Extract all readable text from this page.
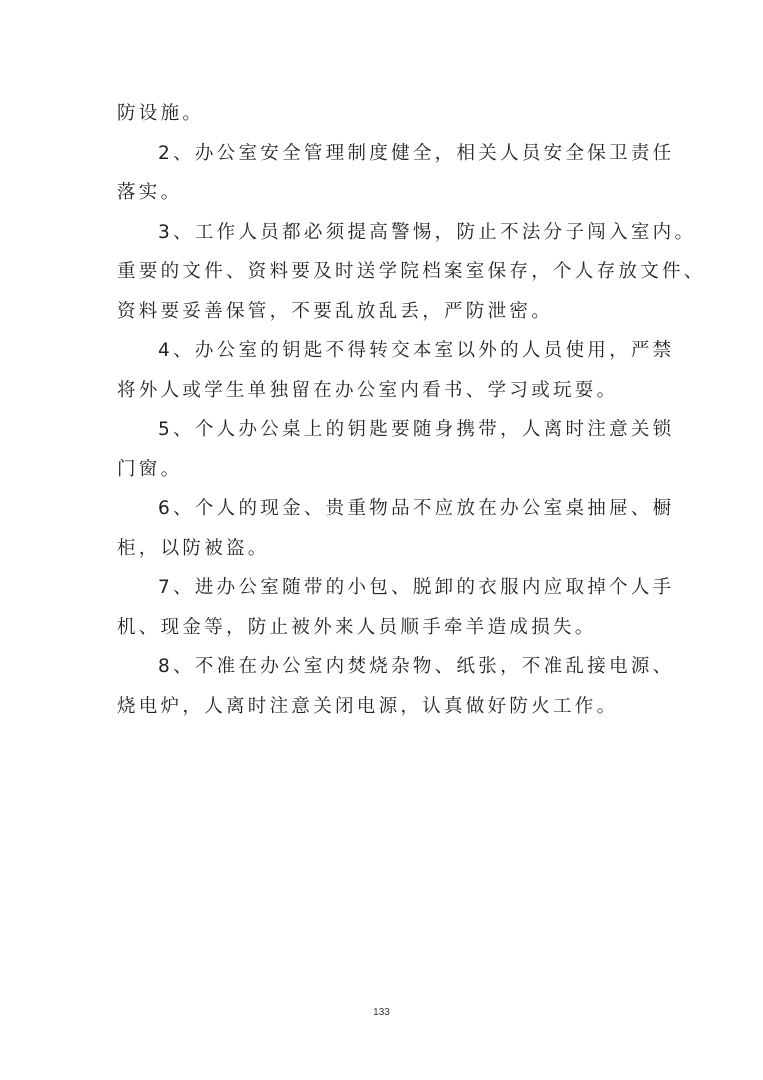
防设施。

2、办公室安全管理制度健全，相关人员安全保卫责任

落实。

3、工作人员都必须提高警惕，防止不法分子闯入室内。

重要的文件、资料要及时送学院档案室保存，个人存放文件、

资料要妥善保管，不要乱放乱丢，严防泄密。

4、办公室的钥匙不得转交本室以外的人员使用，严禁

将外人或学生单独留在办公室内看书、学习或玩耍。

5、个人办公桌上的钥匙要随身携带，人离时注意关锁

门窗。

6、个人的现金、贵重物品不应放在办公室桌抽屉、橱

柜，以防被盗。

7、进办公室随带的小包、脱卸的衣服内应取掉个人手

机、现金等，防止被外来人员顺手牵羊造成损失。

8、不准在办公室内焚烧杂物、纸张，不准乱接电源、

烧电炉，人离时注意关闭电源，认真做好防火工作。

133
